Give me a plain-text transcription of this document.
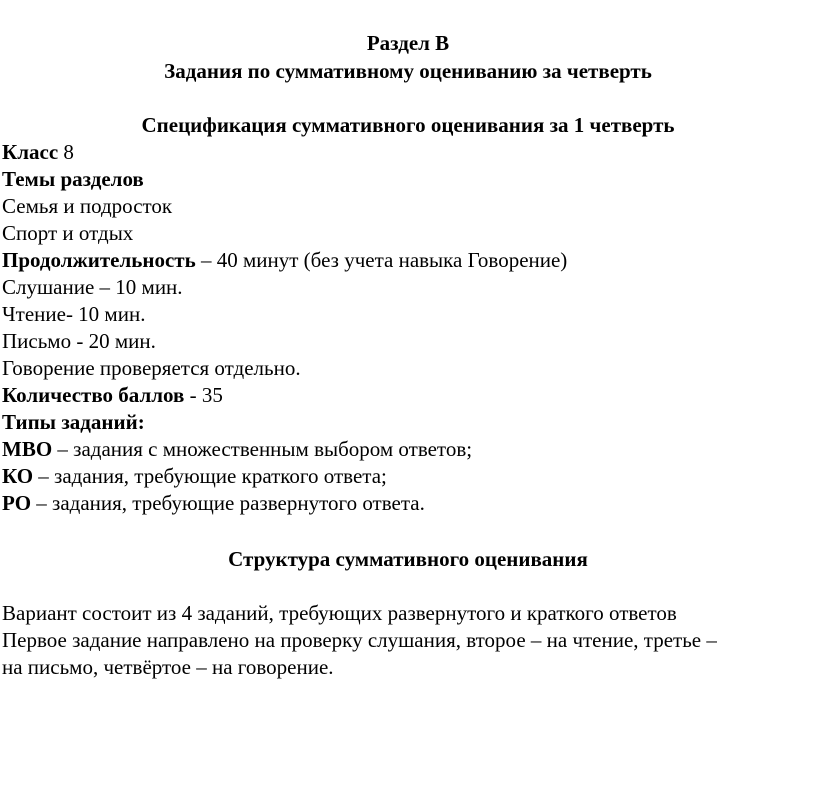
Раздел B
Задания по суммативному оцениванию за четверть
Спецификация суммативного оценивания за 1 четверть
Класс 8
Темы разделов
Семья и подросток
Спорт и отдых
Продолжительность – 40 минут (без учета навыка Говорение)
Слушание – 10 мин.
Чтение- 10 мин.
Письмо - 20 мин.
Говорение проверяется отдельно.
Количество баллов - 35
Типы заданий:
МВО – задания с множественным выбором ответов;
КО – задания, требующие краткого ответа;
РО – задания, требующие развернутого ответа.
Структура суммативного оценивания
Вариант состоит из 4 заданий, требующих развернутого и краткого ответов
Первое задание направлено на проверку слушания, второе – на чтение, третье –
на письмо, четвёртое – на говорение.
